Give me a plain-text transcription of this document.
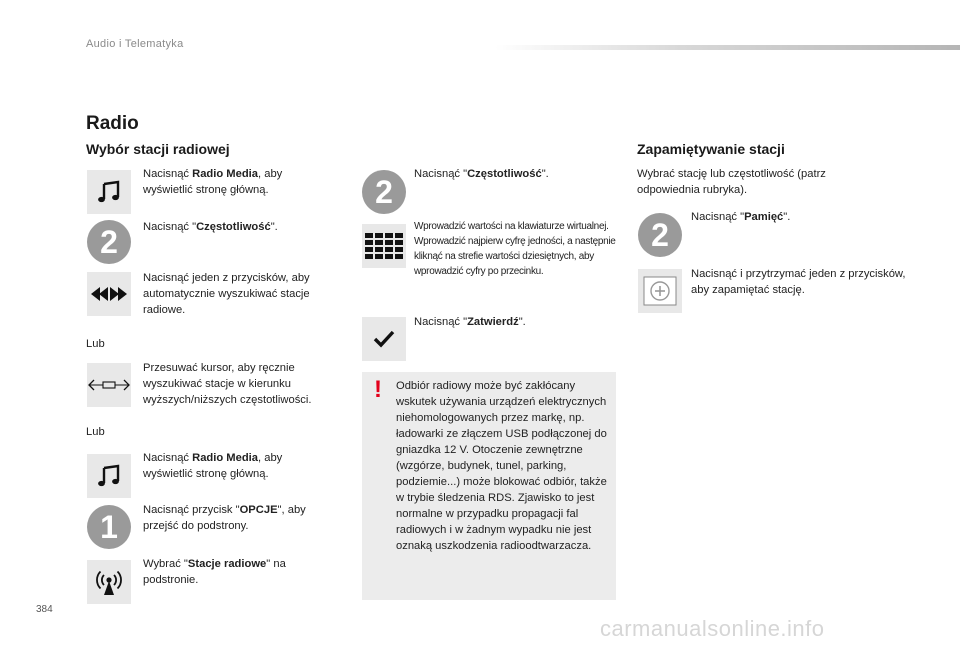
Audio i Telematyka
Radio
Wybór stacji radiowej
Nacisnąć Radio Media, aby wyświetlić stronę główną.
2 Nacisnąć "Częstotliwość".
Nacisnąć jeden z przycisków, aby automatycznie wyszukiwać stacje radiowe.
Lub
Przesuwać kursor, aby ręcznie wyszukiwać stacje w kierunku wyższych/niższych częstotliwości.
Lub
Nacisnąć Radio Media, aby wyświetlić stronę główną.
1 Nacisnąć przycisk "OPCJE", aby przejść do podstrony.
Wybrać "Stacje radiowe" na podstronie.
2 Nacisnąć "Częstotliwość".
Wprowadzić wartości na klawiaturze wirtualnej.
Wprowadzić najpierw cyfrę jedności, a następnie kliknąć na strefie wartości dziesiętnych, aby wprowadzić cyfry po przecinku.
Nacisnąć "Zatwierdź".
! Odbiór radiowy może być zakłócany wskutek używania urządzeń elektrycznych niehomologowanych przez markę, np. ładowarki ze złączem USB podłączonej do gniazdka 12 V. Otoczenie zewnętrzne (wzgórze, budynek, tunel, parking, podziemie...) może blokować odbiór, także w trybie śledzenia RDS. Zjawisko to jest normalne w przypadku propagacji fal radiowych i w żadnym wypadku nie jest oznaką uszkodzenia radioodtwarzacza.
Zapamiętywanie stacji
Wybrać stację lub częstotliwość (patrz odpowiednia rubryka).
2 Nacisnąć "Pamięć".
Nacisnąć i przytrzymać jeden z przycisków, aby zapamiętać stację.
384
carmanualsonline.info
